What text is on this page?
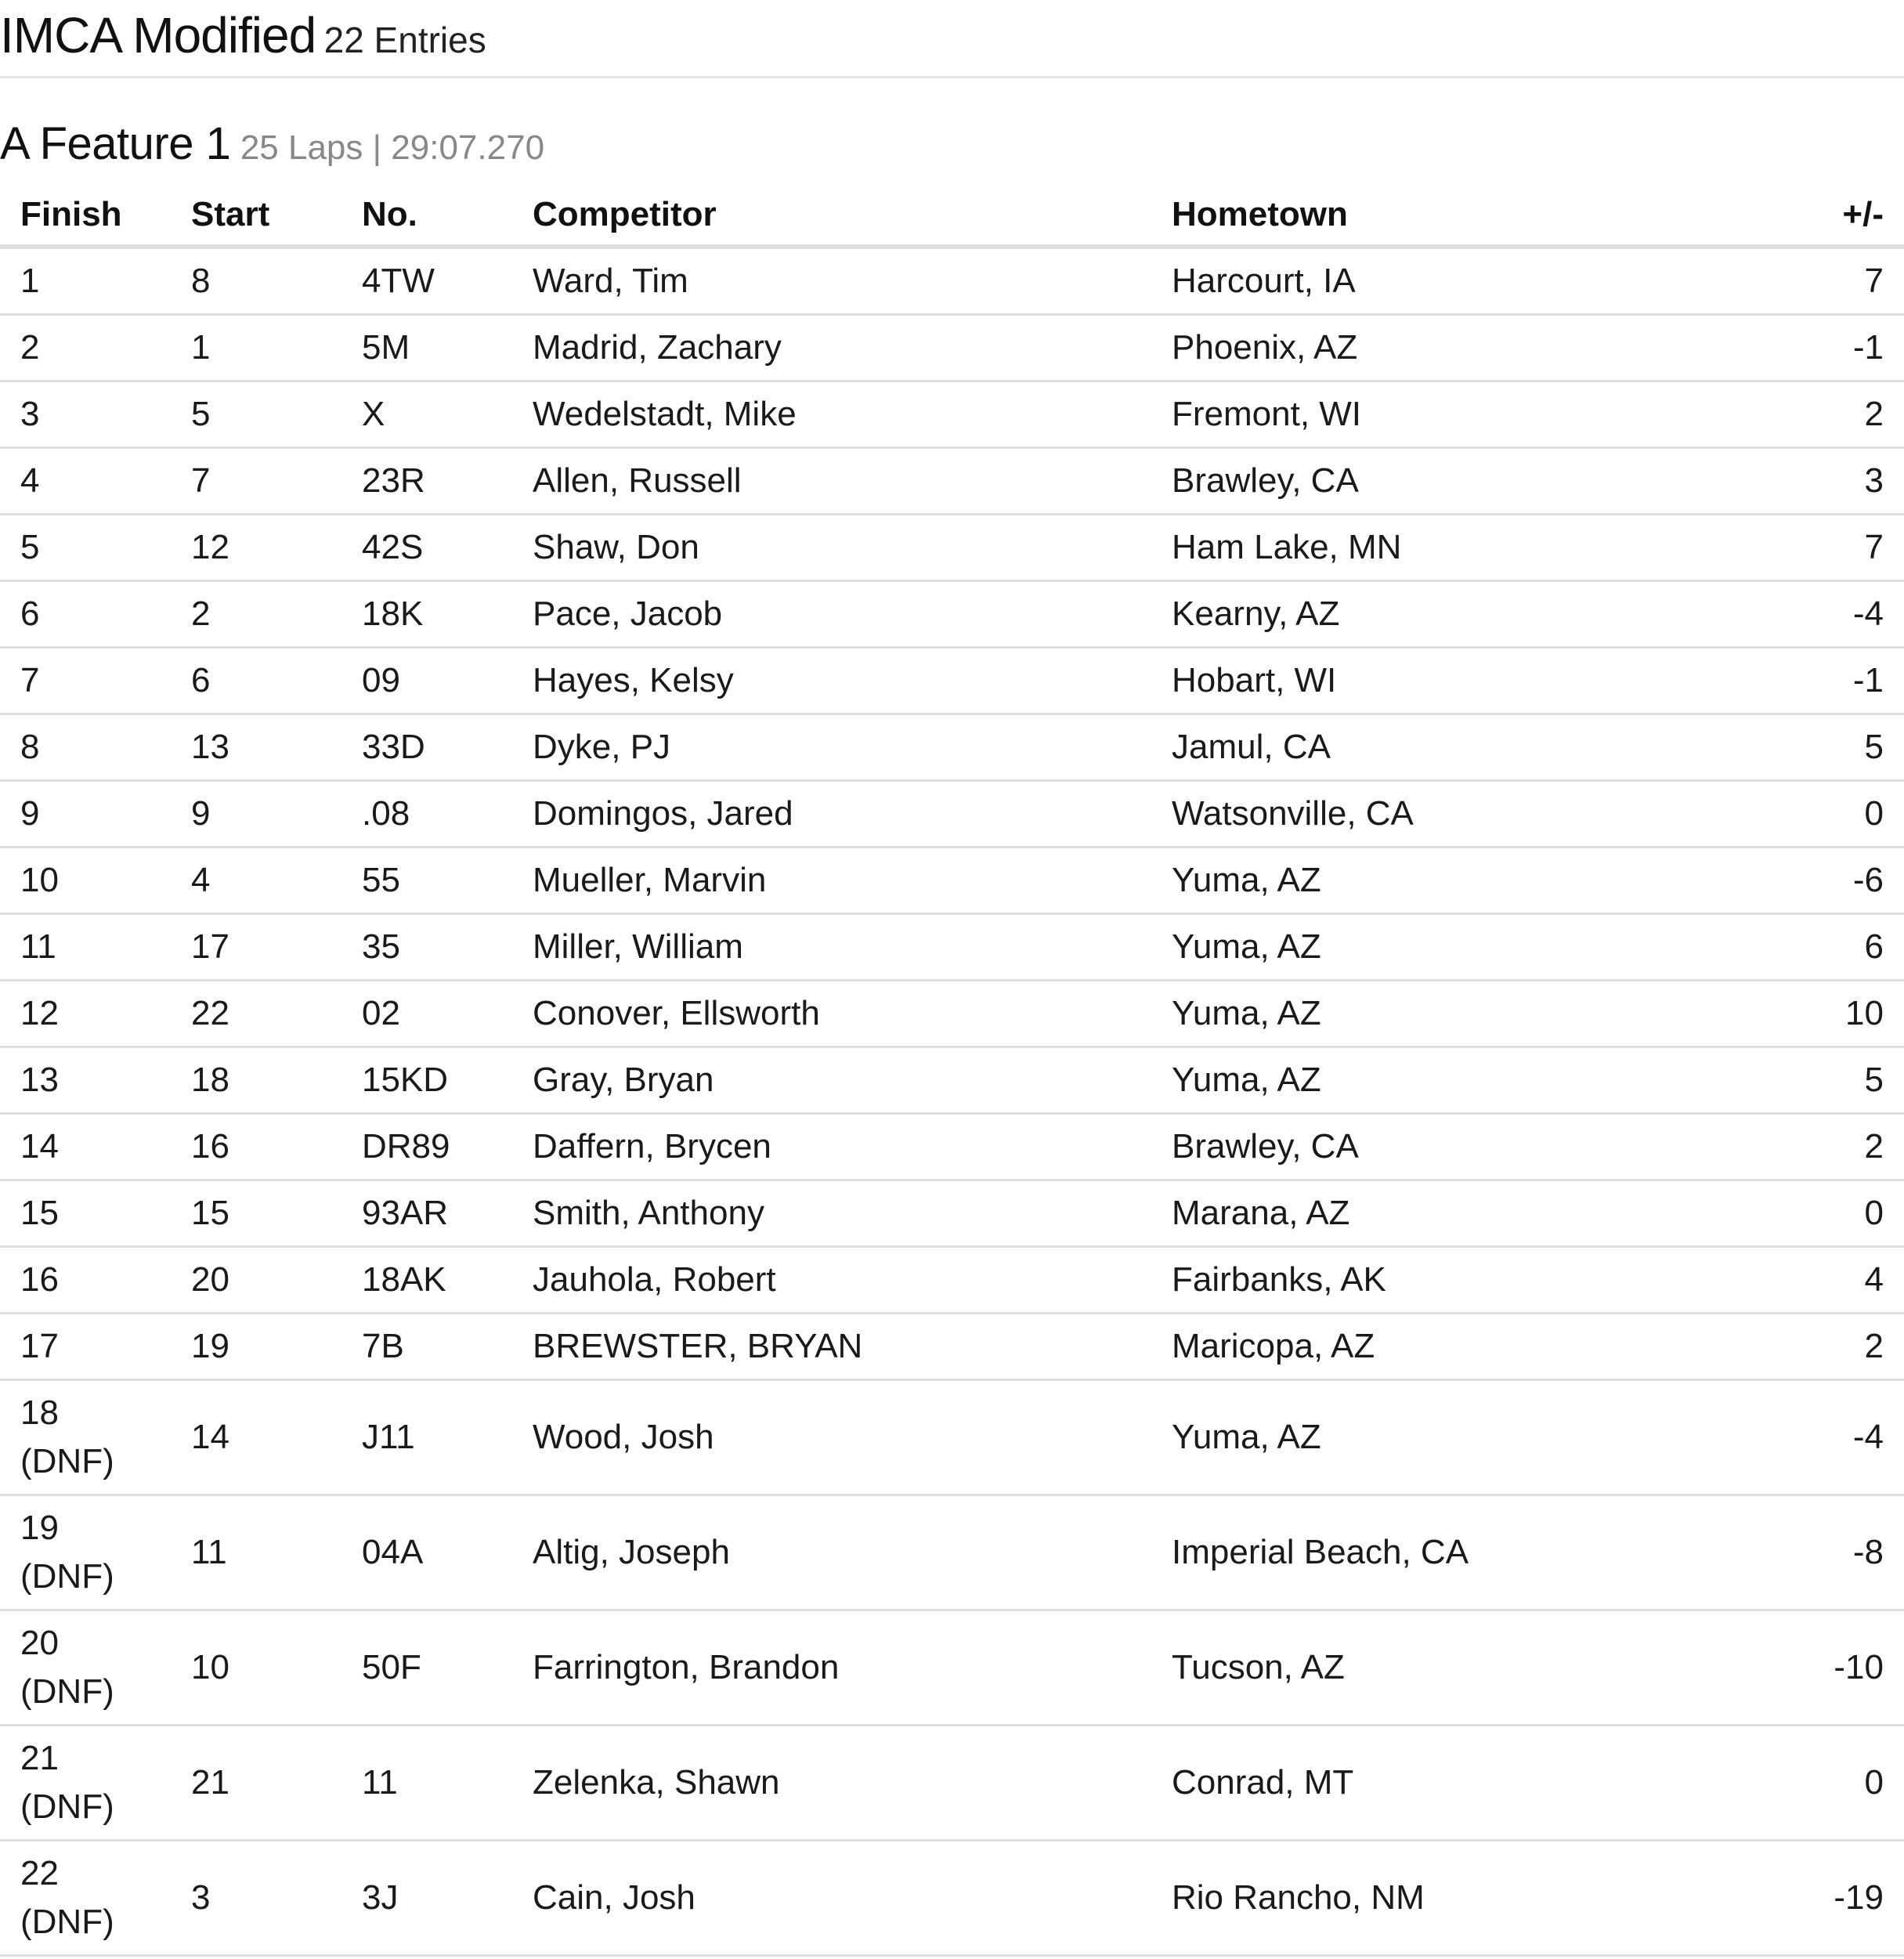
IMCA Modified 22 Entries
A Feature 1 25 Laps | 29:07.270
Finish	Start	No.	Competitor	Hometown	+/-

1	8	4TW	Ward, Tim	Harcourt, IA	7

2	1	5M	Madrid, Zachary	Phoenix, AZ	-1

3	5	X	Wedelstadt, Mike	Fremont, WI	2

4	7	23R	Allen, Russell	Brawley, CA	3

5	12	42S	Shaw, Don	Ham Lake, MN	7

6	2	18K	Pace, Jacob	Kearny, AZ	-4

7	6	09	Hayes, Kelsy	Hobart, WI	-1

8	13	33D	Dyke, PJ	Jamul, CA	5

9	9	.08	Domingos, Jared	Watsonville, CA	0

10	4	55	Mueller, Marvin	Yuma, AZ	-6

11	17	35	Miller, William	Yuma, AZ	6

12	22	02	Conover, Ellsworth	Yuma, AZ	10

13	18	15KD	Gray, Bryan	Yuma, AZ	5

14	16	DR89	Daffern, Brycen	Brawley, CA	2

15	15	93AR	Smith, Anthony	Marana, AZ	0

16	20	18AK	Jauhola, Robert	Fairbanks, AK	4

17	19	7B	BREWSTER, BRYAN	Maricopa, AZ	2

18
(DNF)	14	J11	Wood, Josh	Yuma, AZ	-4

19
(DNF)	11	04A	Altig, Joseph	Imperial Beach, CA	-8

20
(DNF)	10	50F	Farrington, Brandon	Tucson, AZ	-10

21
(DNF)	21	11	Zelenka, Shawn	Conrad, MT	0

22
(DNF)	3	3J	Cain, Josh	Rio Rancho, NM	-19
